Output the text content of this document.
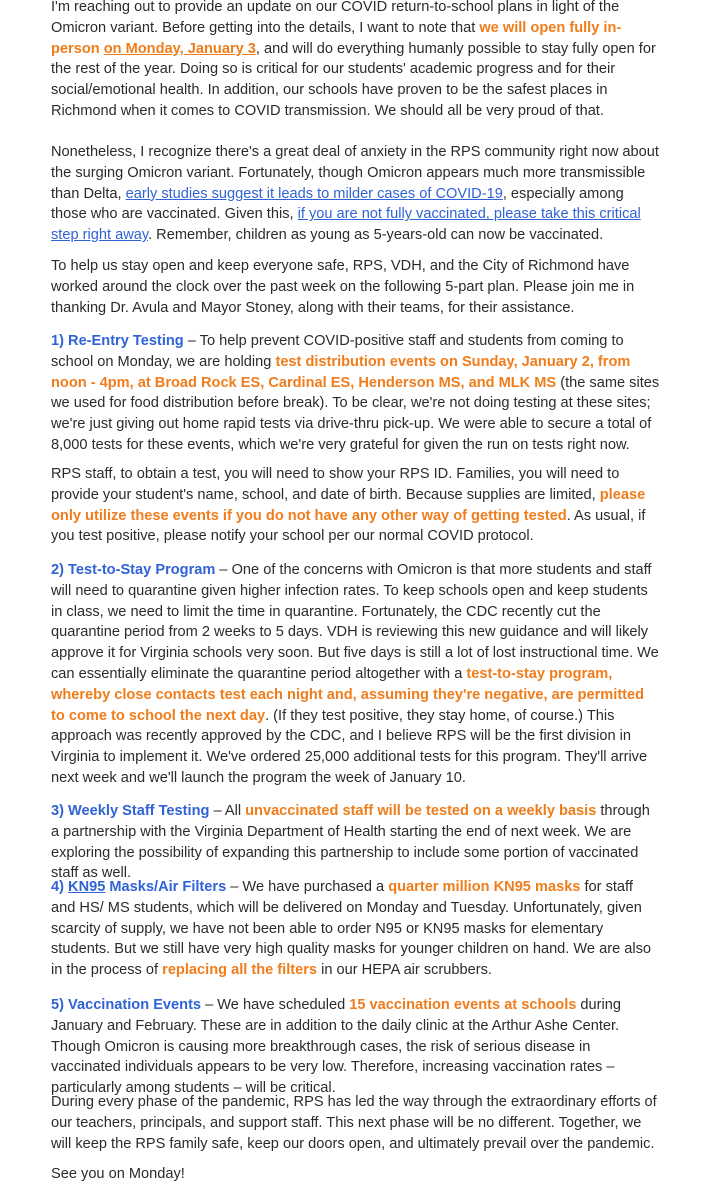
I'm reaching out to provide an update on our COVID return-to-school plans in light of the Omicron variant. Before getting into the details, I want to note that we will open fully in-person on Monday, January 3, and will do everything humanly possible to stay fully open for the rest of the year. Doing so is critical for our students' academic progress and for their social/emotional health. In addition, our schools have proven to be the safest places in Richmond when it comes to COVID transmission. We should all be very proud of that.

Nonetheless, I recognize there's a great deal of anxiety in the RPS community right now about the surging Omicron variant. Fortunately, though Omicron appears much more transmissible than Delta, early studies suggest it leads to milder cases of COVID-19, especially among those who are vaccinated. Given this, if you are not fully vaccinated, please take this critical step right away. Remember, children as young as 5-years-old can now be vaccinated.

To help us stay open and keep everyone safe, RPS, VDH, and the City of Richmond have worked around the clock over the past week on the following 5-part plan. Please join me in thanking Dr. Avula and Mayor Stoney, along with their teams, for their assistance.

1) Re-Entry Testing – To help prevent COVID-positive staff and students from coming to school on Monday, we are holding test distribution events on Sunday, January 2, from noon - 4pm, at Broad Rock ES, Cardinal ES, Henderson MS, and MLK MS (the same sites we used for food distribution before break). To be clear, we're not doing testing at these sites; we're just giving out home rapid tests via drive-thru pick-up. We were able to secure a total of 8,000 tests for these events, which we're very grateful for given the run on tests right now.

RPS staff, to obtain a test, you will need to show your RPS ID. Families, you will need to provide your student's name, school, and date of birth. Because supplies are limited, please only utilize these events if you do not have any other way of getting tested. As usual, if you test positive, please notify your school per our normal COVID protocol.

2) Test-to-Stay Program – One of the concerns with Omicron is that more students and staff will need to quarantine given higher infection rates. To keep schools open and keep students in class, we need to limit the time in quarantine. Fortunately, the CDC recently cut the quarantine period from 2 weeks to 5 days. VDH is reviewing this new guidance and will likely approve it for Virginia schools very soon. But five days is still a lot of lost instructional time. We can essentially eliminate the quarantine period altogether with a test-to-stay program, whereby close contacts test each night and, assuming they're negative, are permitted to come to school the next day. (If they test positive, they stay home, of course.) This approach was recently approved by the CDC, and I believe RPS will be the first division in Virginia to implement it. We've ordered 25,000 additional tests for this program. They'll arrive next week and we'll launch the program the week of January 10.

3) Weekly Staff Testing – All unvaccinated staff will be tested on a weekly basis through a partnership with the Virginia Department of Health starting the end of next week. We are exploring the possibility of expanding this partnership to include some portion of vaccinated staff as well.

4) KN95 Masks/Air Filters – We have purchased a quarter million KN95 masks for staff and HS/ MS students, which will be delivered on Monday and Tuesday. Unfortunately, given scarcity of supply, we have not been able to order N95 or KN95 masks for elementary students. But we still have very high quality masks for younger children on hand. We are also in the process of replacing all the filters in our HEPA air scrubbers.

5) Vaccination Events – We have scheduled 15 vaccination events at schools during January and February. These are in addition to the daily clinic at the Arthur Ashe Center. Though Omicron is causing more breakthrough cases, the risk of serious disease in vaccinated individuals appears to be very low. Therefore, increasing vaccination rates – particularly among students – will be critical.

During every phase of the pandemic, RPS has led the way through the extraordinary efforts of our teachers, principals, and support staff. This next phase will be no different. Together, we will keep the RPS family safe, keep our doors open, and ultimately prevail over the pandemic.

See you on Monday!
